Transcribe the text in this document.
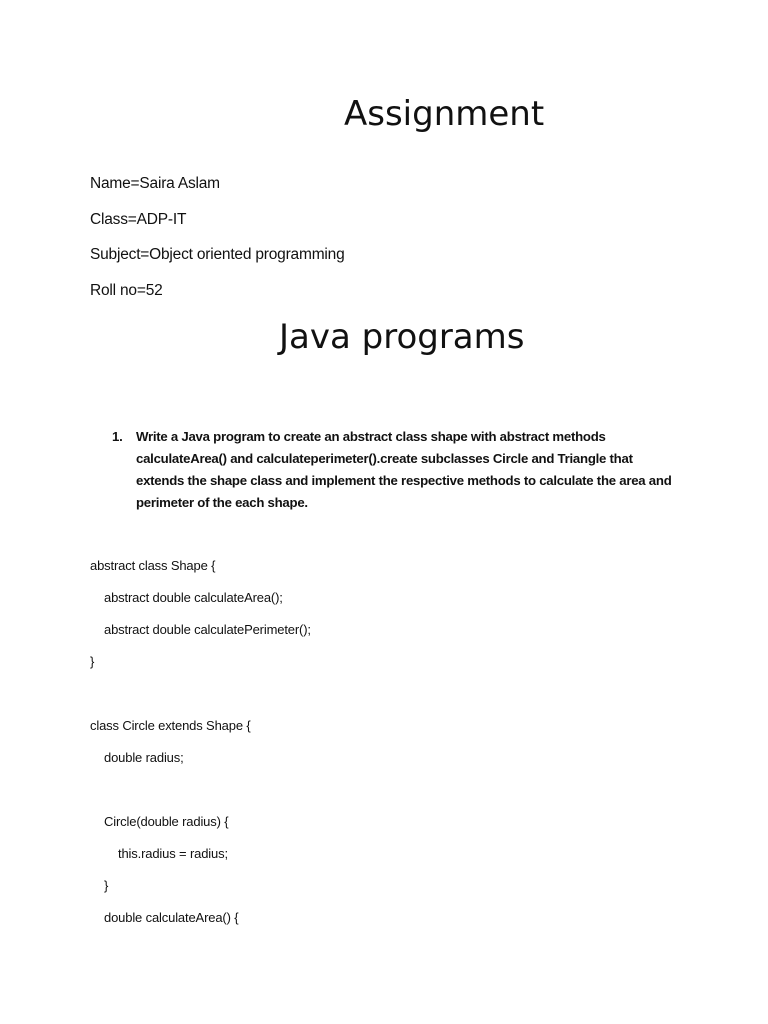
Assignment
Name=Saira Aslam
Class=ADP-IT
Subject=Object oriented programming
Roll no=52
Java programs
1. Write a Java program to create an abstract class shape with abstract methods calculateArea() and calculateperimeter().create subclasses Circle and Triangle that extends the shape class and implement the respective methods to calculate the area and perimeter of the each shape.
abstract class Shape {
abstract double calculateArea();
abstract double calculatePerimeter();
}
class Circle extends Shape {
double radius;
Circle(double radius) {
this.radius = radius;
}
double calculateArea() {
